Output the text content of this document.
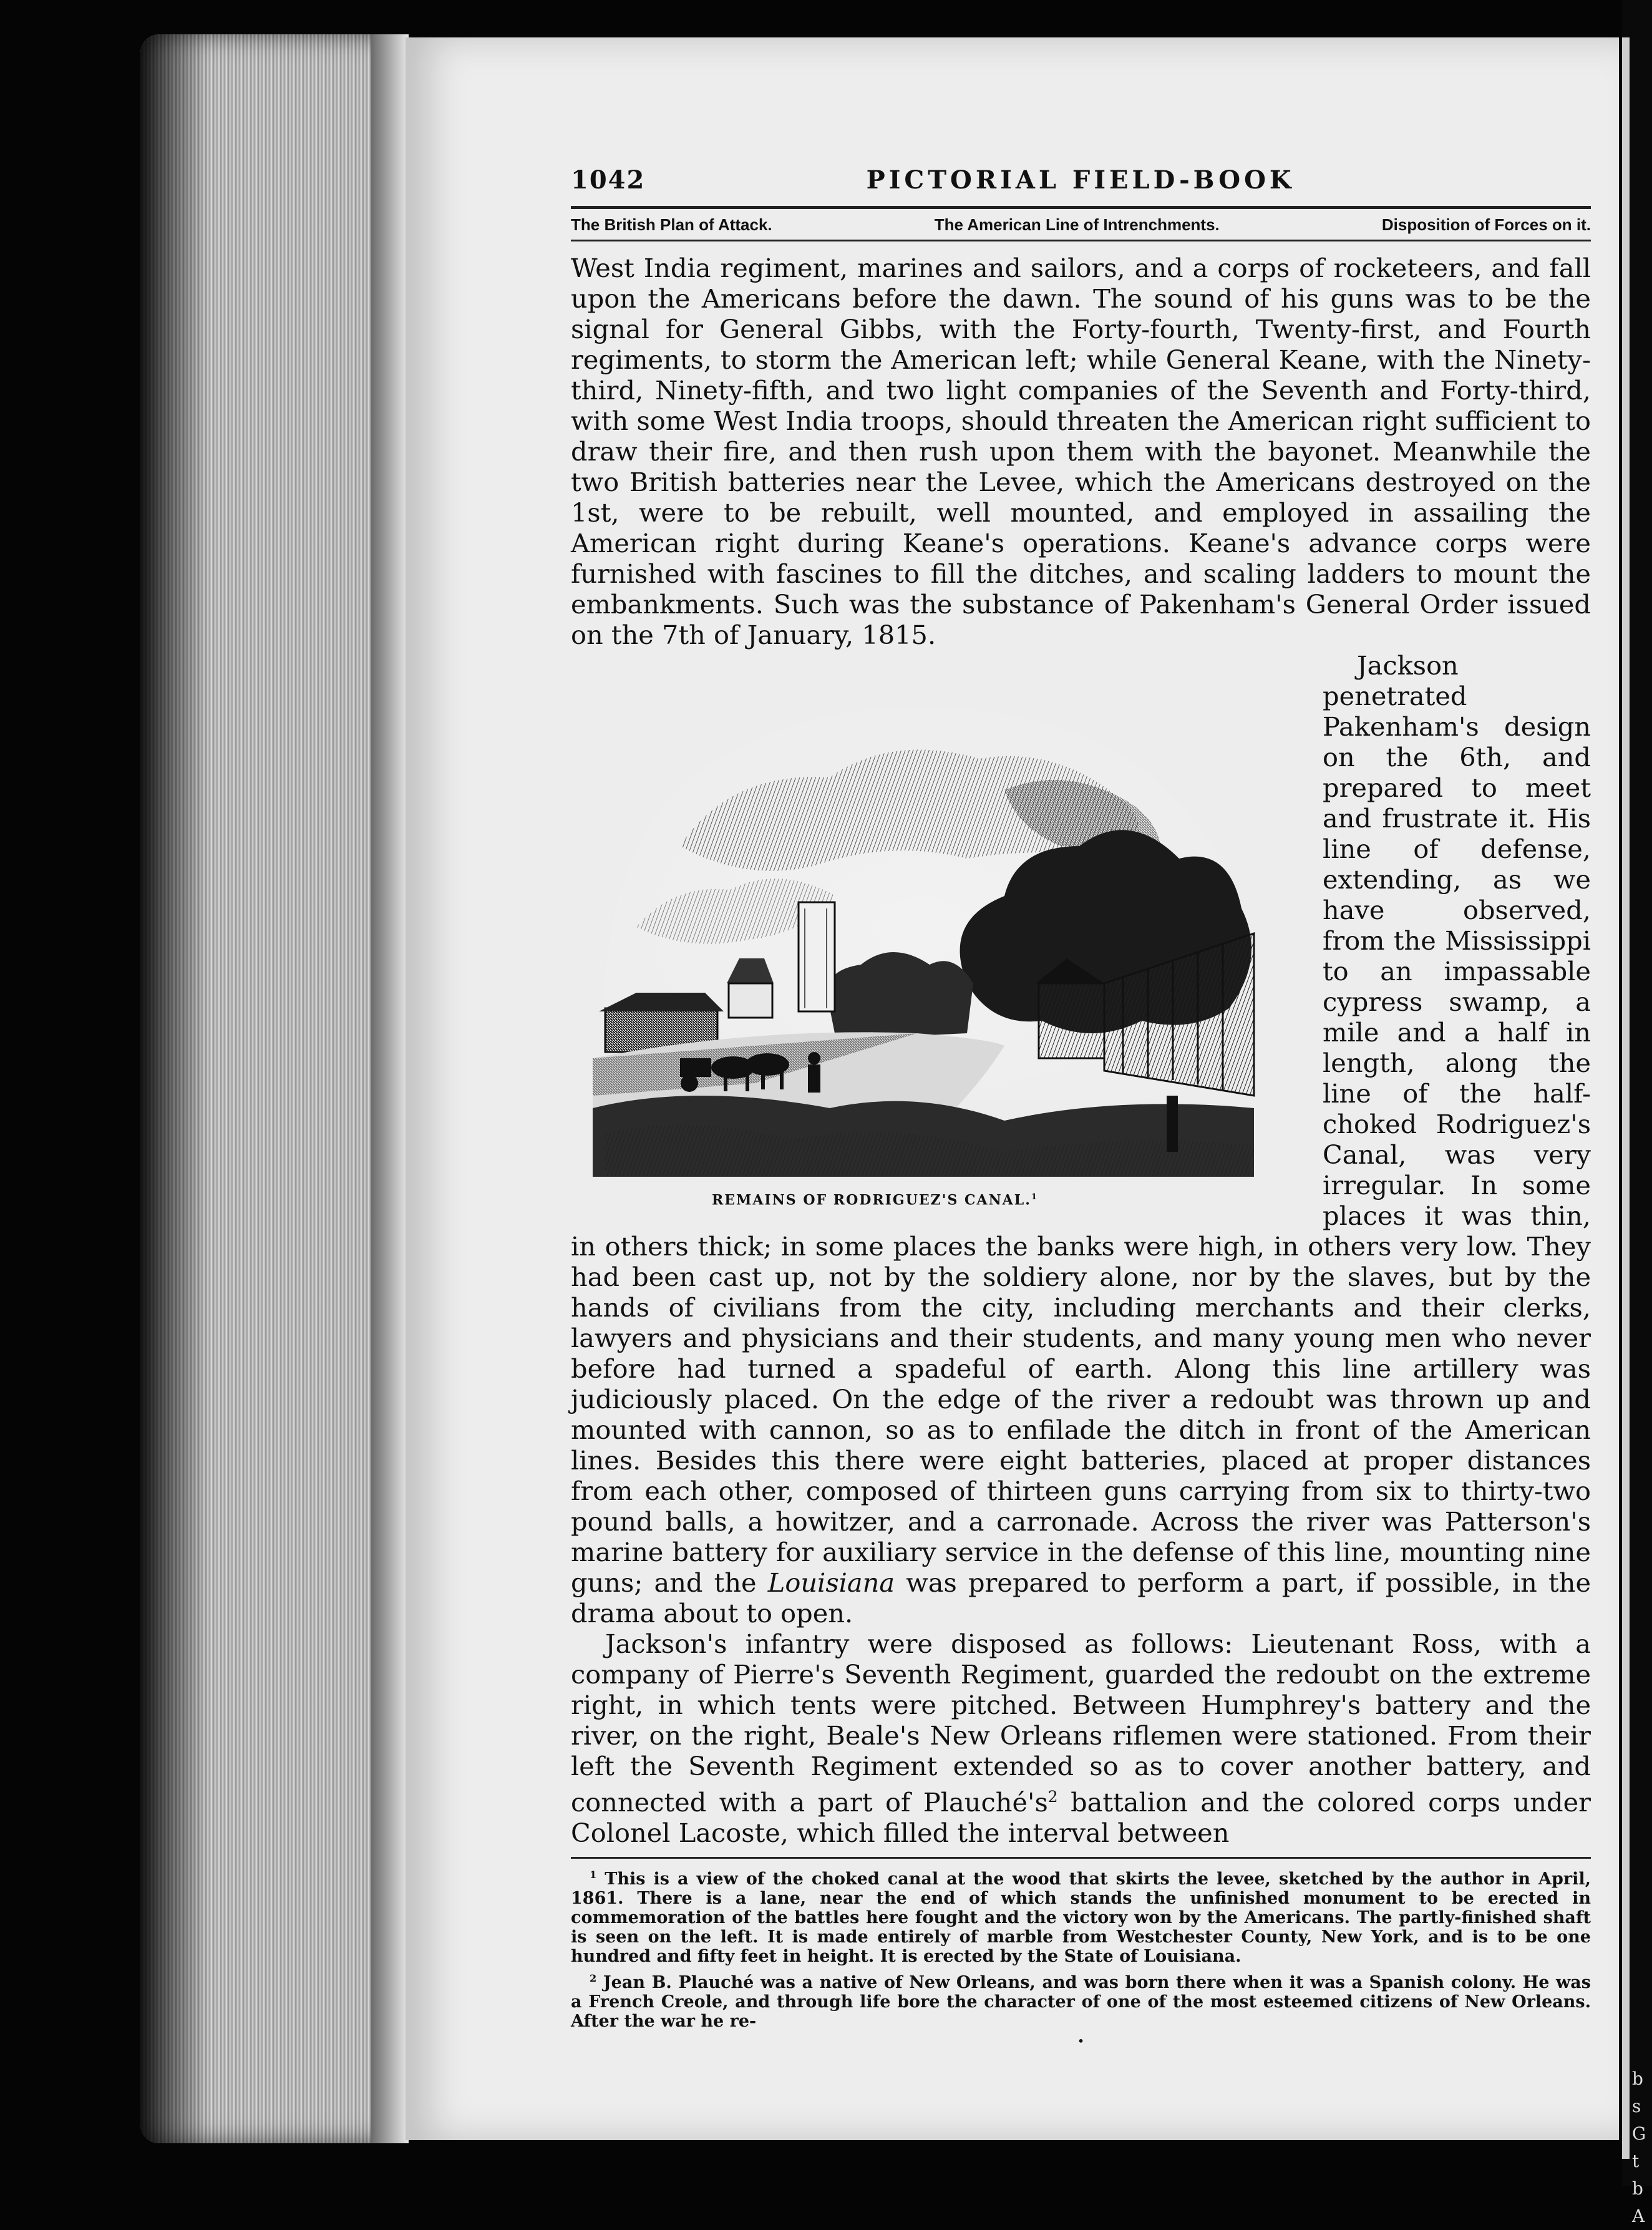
b
s
G
t
b
A
1042	PICTORIAL FIELD-BOOK
The British Plan of Attack.	The American Line of Intrenchments.	Disposition of Forces on it.

West India regiment, marines and sailors, and a corps of rocketeers, and fall upon the Americans before the dawn. The sound of his guns was to be the signal for General Gibbs, with the Forty-fourth, Twenty-first, and Fourth regiments, to storm the American left; while General Keane, with the Ninety-third, Ninety-fifth, and two light companies of the Seventh and Forty-third, with some West India troops, should threaten the American right sufficient to draw their fire, and then rush upon them with the bayonet. Meanwhile the two British batteries near the Levee, which the Americans destroyed on the 1st, were to be rebuilt, well mounted, and employed in assailing the American right during Keane's operations. Keane's advance corps were furnished with fascines to fill the ditches, and scaling ladders to mount the embankments. Such was the substance of Pakenham's General Order issued on the 7th of January, 1815.

REMAINS OF RODRIGUEZ'S CANAL.$^1$
Jackson penetrated Pakenham's design on the 6th, and prepared to meet and frustrate it. His line of defense, extending, as we have observed, from the Mississippi to an impassable cypress swamp, a mile and a half in length, along the line of the half-choked Rodriguez's Canal, was very irregular. In some places it was thin, in others thick; in some places the banks were high, in others very low. They had been cast up, not by the soldiery alone, nor by the slaves, but by the hands of civilians from the city, including merchants and their clerks, lawyers and physicians and their students, and many young men who never before had turned a spadeful of earth. Along this line artillery was judiciously placed. On the edge of the river a redoubt was thrown up and mounted with cannon, so as to enfilade the ditch in front of the American lines. Besides this there were eight batteries, placed at proper distances from each other, composed of thirteen guns carrying from six to thirty-two pound balls, a howitzer, and a carronade. Across the river was Patterson's marine battery for auxiliary service in the defense of this line, mounting nine guns; and the Louisiana was prepared to perform a part, if possible, in the drama about to open.

Jackson's infantry were disposed as follows: Lieutenant Ross, with a company of Pierre's Seventh Regiment, guarded the redoubt on the extreme right, in which tents were pitched. Between Humphrey's battery and the river, on the right, Beale's New Orleans riflemen were stationed. From their left the Seventh Regiment extended so as to cover another battery, and connected with a part of $Plauché's^2$ battalion and the colored corps under Colonel Lacoste, which filled the interval between

$^1$ This is a view of the choked canal at the wood that skirts the levee, sketched by the author in April, 1861. There is a lane, near the end of which stands the unfinished monument to be erected in commemoration of the battles here fought and the victory won by the Americans. The partly-finished shaft is seen on the left. It is made entirely of marble from Westchester County, New York, and is to be one hundred and fifty feet in height. It is erected by the State of Louisiana.

$^2$ Jean B. Plauché was a native of New Orleans, and was born there when it was a Spanish colony. He was a French Creole, and through life bore the character of one of the most esteemed citizens of New Orleans. After the war he re-

•
